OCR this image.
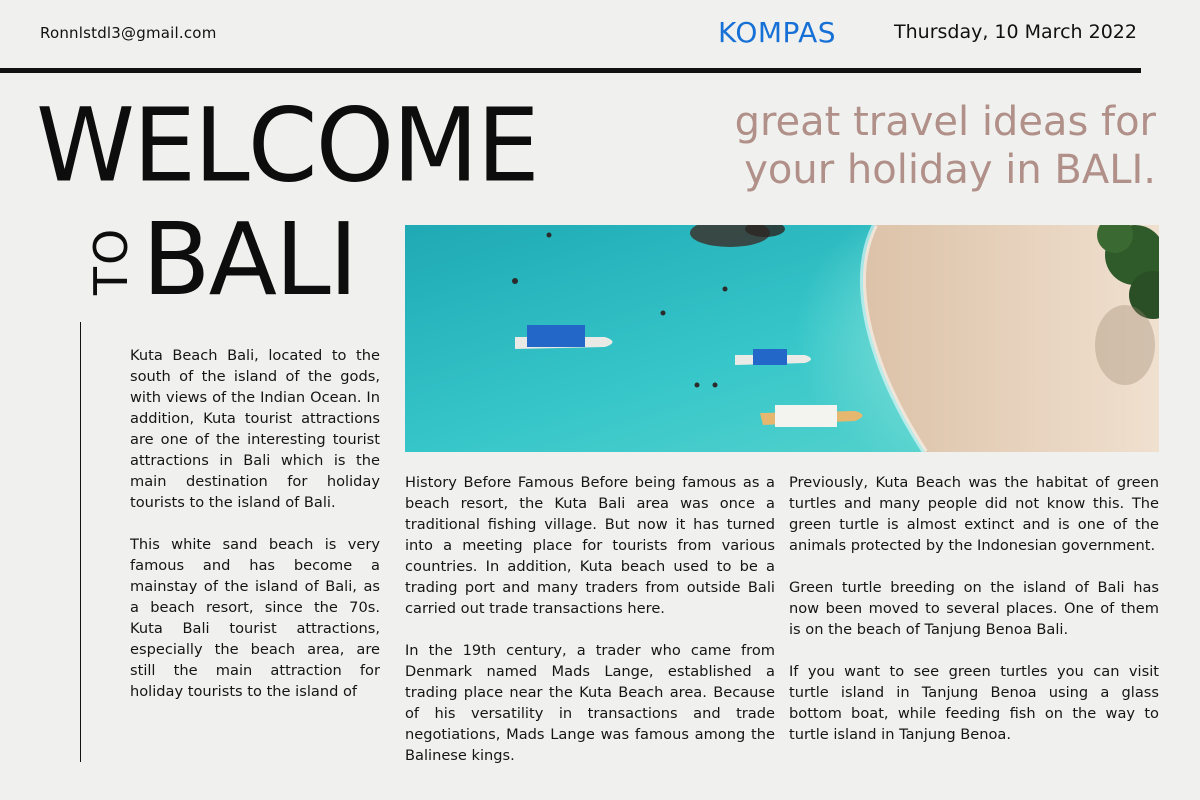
Ronnlstdl3@gmail.com	KOMPAS	Thursday, 10 March 2022
WELCOME
TO BALI
great travel ideas for
your holiday in BALI.

Kuta Beach Bali, located to the south of the island of the gods, with views of the Indian Ocean. In addition, Kuta tourist attractions are one of the interesting tourist attractions in Bali which is the main destination for holiday tourists to the island of Bali.

This white sand beach is very famous and has become a mainstay of the island of Bali, as a beach resort, since the 70s. Kuta Bali tourist attractions, especially the beach area, are still the main attraction for holiday tourists to the island of

History Before Famous Before being famous as a beach resort, the Kuta Bali area was once a traditional fishing village. But now it has turned into a meeting place for tourists from various countries. In addition, Kuta beach used to be a trading port and many traders from outside Bali carried out trade transactions here.

In the 19th century, a trader who came from Denmark named Mads Lange, established a trading place near the Kuta Beach area. Because of his versatility in transactions and trade negotiations, Mads Lange was famous among the Balinese kings.

Previously, Kuta Beach was the habitat of green turtles and many people did not know this. The green turtle is almost extinct and is one of the animals protected by the Indonesian government.

Green turtle breeding on the island of Bali has now been moved to several places. One of them is on the beach of Tanjung Benoa Bali.

If you want to see green turtles you can visit turtle island in Tanjung Benoa using a glass bottom boat, while feeding fish on the way to turtle island in Tanjung Benoa.
